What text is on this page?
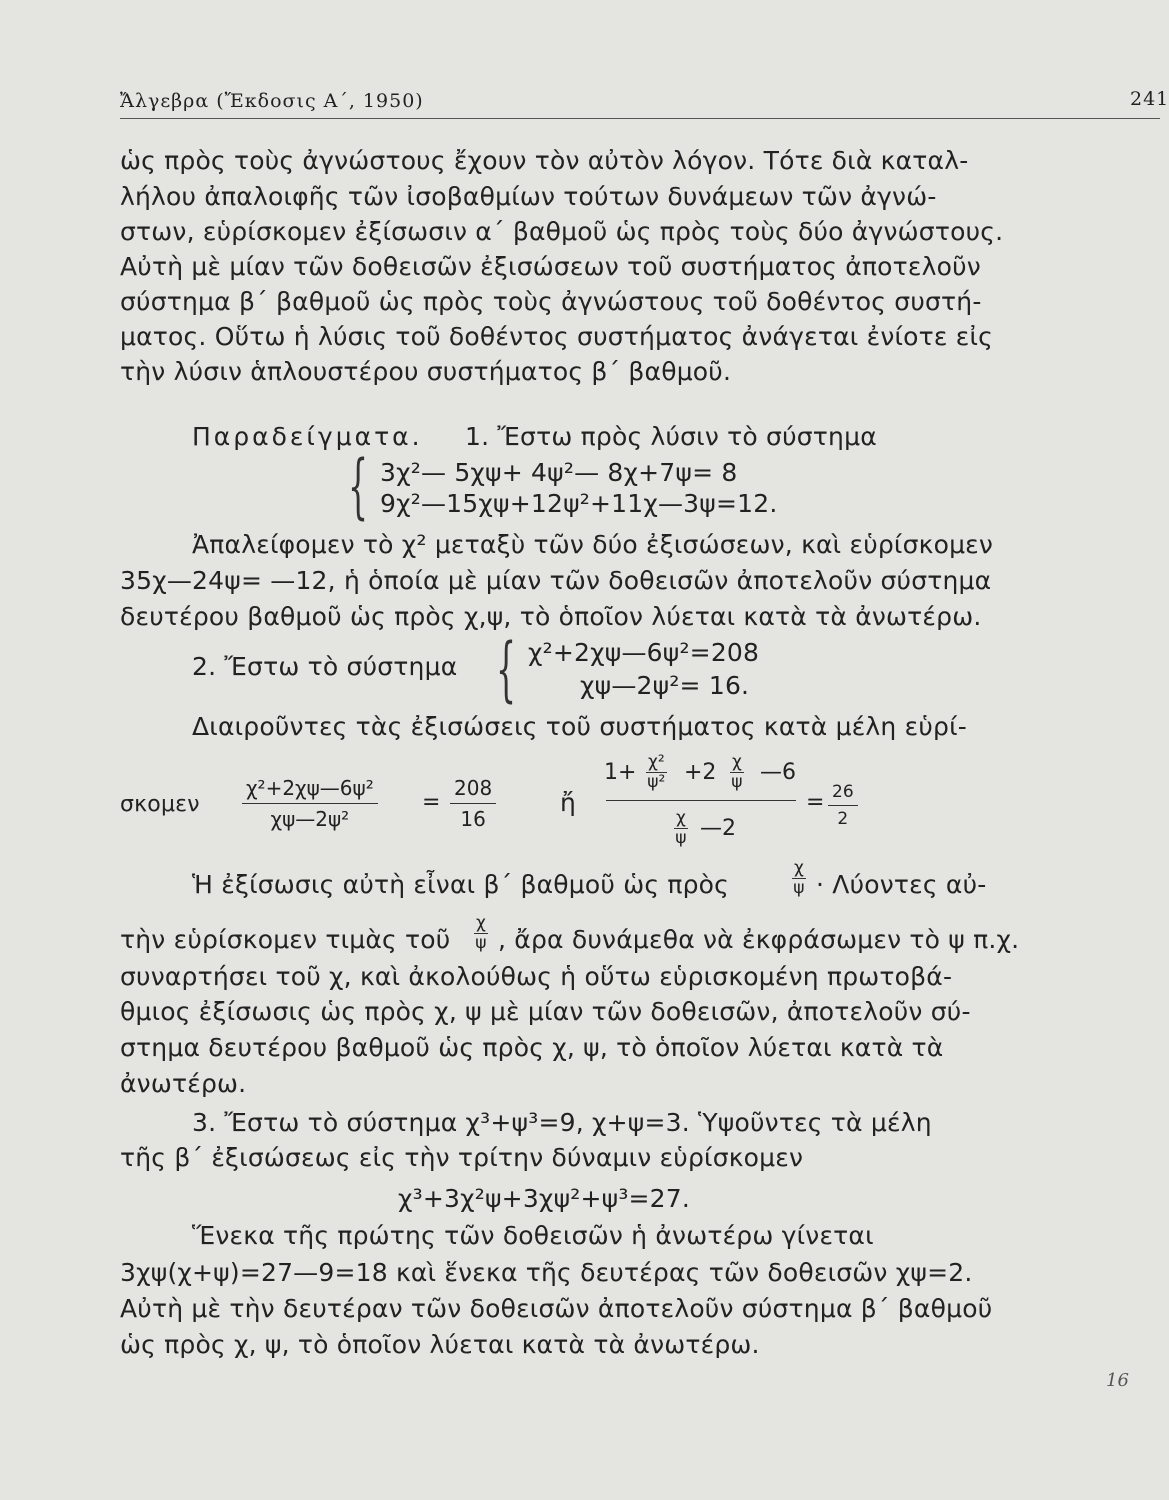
Ἄλγεβρα (Ἔκδοσις Α΄, 1950)	241
ὡς πρὸς τοὺς ἀγνώστους ἔχουν τὸν αὐτὸν λόγον. Τότε διὰ καταλ-
λήλου ἀπαλοιφῆς τῶν ἰσοβαθμίων τούτων δυνάμεων τῶν ἀγνώ-
στων, εὑρίσκομεν ἐξίσωσιν α΄ βαθμοῦ ὡς πρὸς τοὺς δύο ἀγνώστους.
Αὐτὴ μὲ μίαν τῶν δοθεισῶν ἐξισώσεων τοῦ συστήματος ἀποτελοῦν
σύστημα β΄ βαθμοῦ ὡς πρὸς τοὺς ἀγνώστους τοῦ δοθέντος συστή-
ματος. Οὕτω ἡ λύσις τοῦ δοθέντος συστήματος ἀνάγεται ἐνίοτε εἰς
τὴν λύσιν ἁπλουστέρου συστήματος β΄ βαθμοῦ.
Παραδείγματα. 1. Ἔστω πρὸς λύσιν τὸ σύστημα
{ 3χ²— 5χψ+ 4ψ²— 8χ+7ψ= 8
9χ²—15χψ+12ψ²+11χ—3ψ=12.
Ἀπαλείφομεν τὸ χ² μεταξὺ τῶν δύο ἐξισώσεων, καὶ εὑρίσκομεν
35χ—24ψ= —12, ἡ ὁποία μὲ μίαν τῶν δοθεισῶν ἀποτελοῦν σύστημα
δευτέρου βαθμοῦ ὡς πρὸς χ,ψ, τὸ ὁποῖον λύεται κατὰ τὰ ἀνωτέρω.
2. Ἔστω τὸ σύστημα { χ²+2χψ—6ψ²=208
χψ—2ψ²= 16.
Διαιροῦντες τὰς ἐξισώσεις τοῦ συστήματος κατὰ μέλη εὑρί-
σκομεν $\frac{\text{χ²+2χψ—6ψ²}}{\text{χψ—2ψ²}} = \frac{208}{16}$	ἤ
$1+ \frac{\text{χ²}}{\text{ψ²}} +2 \frac{\chi}{\psi}$ —6
$\frac{\chi}{\psi}$ —2
= $\frac{26}{2}$
Ἡ ἐξίσωσις αὐτὴ εἶναι β΄ βαθμοῦ ὡς πρὸς	$\frac{\chi}{\psi} \cdot \Lambda ύo\nu\tau\varepsilon\varsigma$ αὐ-
τὴν εὑρίσκομεν τιμὰς τοῦ $\frac{\chi}{\psi}$ , ἄρα δυνάμεθα νὰ ἐκφράσωμεν τὸ ψ π.χ.
συναρτήσει τοῦ χ, καὶ ἀκολούθως ἡ οὕτω εὑρισκομένη πρωτοβά-
θμιος ἐξίσωσις ὡς πρὸς χ, ψ μὲ μίαν τῶν δοθεισῶν, ἀποτελοῦν σύ-
στημα δευτέρου βαθμοῦ ὡς πρὸς χ, ψ, τὸ ὁποῖον λύεται κατὰ τὰ
ἀνωτέρω.
3. Ἔστω τὸ σύστημα χ³+ψ³=9, χ+ψ=3. Ὑψοῦντες τὰ μέλη
τῆς β΄ ἐξισώσεως εἰς τὴν τρίτην δύναμιν εὑρίσκομεν
χ³+3χ²ψ+3χψ²+ψ³=27.
Ἕνεκα τῆς πρώτης τῶν δοθεισῶν ἡ ἀνωτέρω γίνεται
3χψ(χ+ψ)=27—9=18 καὶ ἕνεκα τῆς δευτέρας τῶν δοθεισῶν χψ=2.
Αὐτὴ μὲ τὴν δευτέραν τῶν δοθεισῶν ἀποτελοῦν σύστημα β΄ βαθμοῦ
ὡς πρὸς χ, ψ, τὸ ὁποῖον λύεται κατὰ τὰ ἀνωτέρω.
16
